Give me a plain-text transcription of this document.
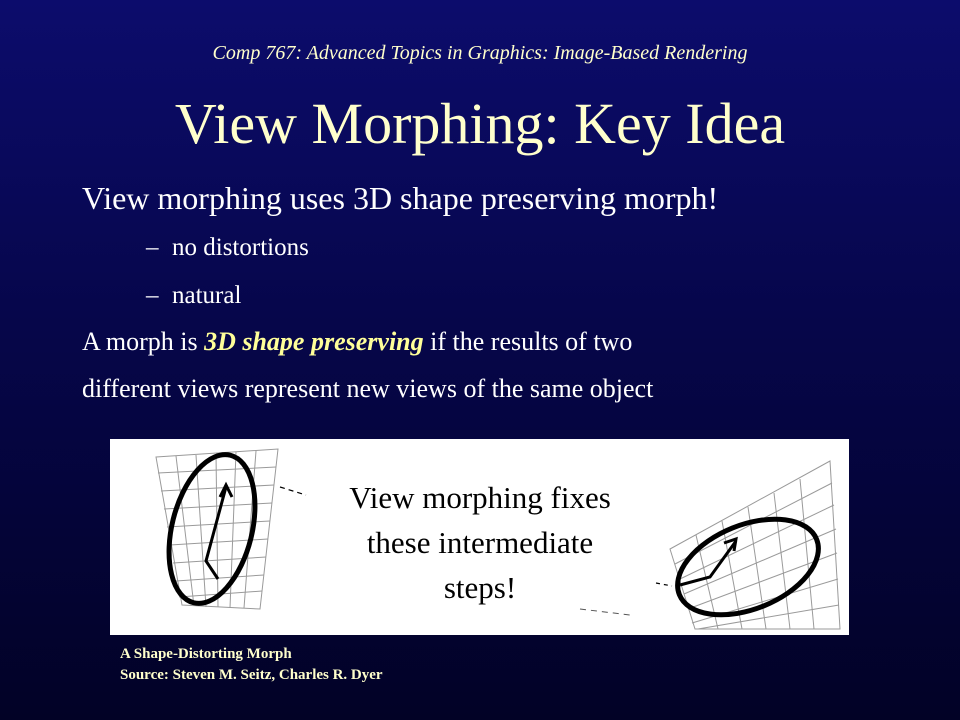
Comp 767: Advanced Topics in Graphics: Image-Based Rendering
View Morphing: Key Idea
View morphing uses 3D shape preserving morph!
– no distortions
– natural
A morph is 3D shape preserving if the results of two
different views represent new views of the same object
View morphing fixes
these intermediate
steps!
A Shape-Distorting Morph
Source: Steven M. Seitz, Charles R. Dyer
